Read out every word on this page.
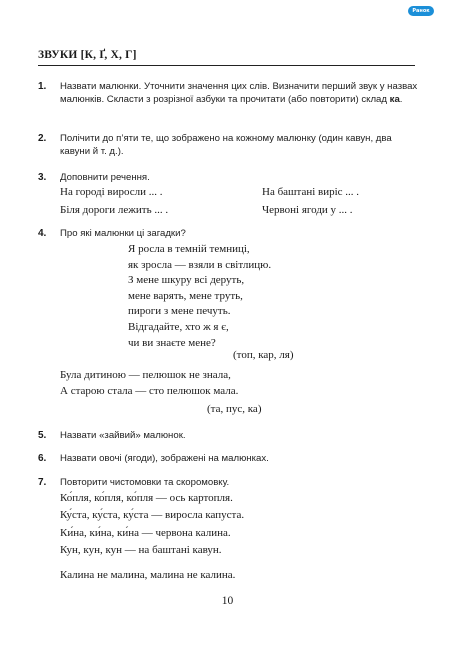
Ранок
ЗВУКИ [К, Ґ, Х, Г]
1. Назвати малюнки. Уточнити значення цих слів. Визначити перший звук у назвах малюнків. Скласти з розрізної азбуки та прочитати (або повторити) склад ка.
2. Полічити до п’яти те, що зображено на кожному малюнку (один кавун, два кавуни й т. д.).
3. Доповнити речення.
На городі виросли ... .
Біля дороги лежить ... .
На баштані виріс ... .
Червоні ягоди у ... .
4. Про які малюнки ці загадки?
Я росла в темній темниці,
як зросла — взяли в світлицю.
З мене шкуру всі деруть,
мене варять, мене труть,
пироги з мене печуть.
Відгадайте, хто ж я є,
чи ви знаєте мене?
(топ, кар, ля)
Була дитиною — пелюшок не знала,
А старою стала — сто пелюшок мала.
(та, пус, ка)
5. Назвати «зайвий» малюнок.
6. Назвати овочі (ягоди), зображені на малюнках.
7. Повторити чистомовки та скоромовку.
Ко́пля, ко́пля, ко́пля — ось картопля.
Ку́ста, ку́ста, ку́ста — виросла капуста.
Ки́на, ки́на, ки́на — червона калина.
Кун, кун, кун — на баштані кавун.
Калина не малина, малина не калина.
10
